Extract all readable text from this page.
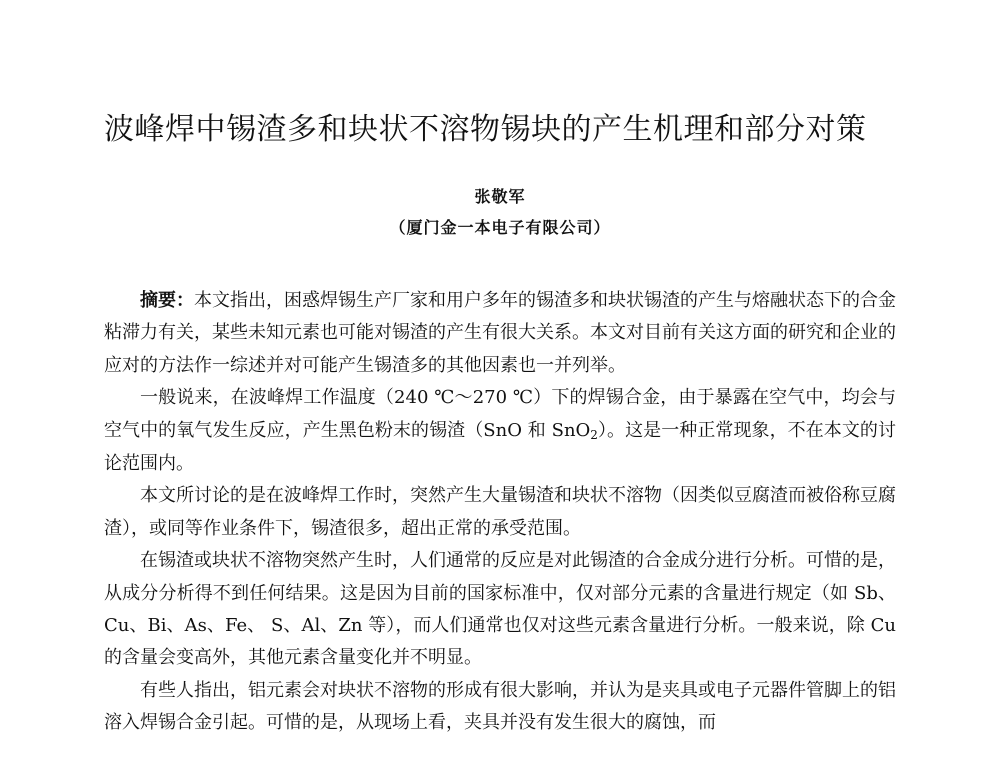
波峰焊中锡渣多和块状不溶物锡块的产生机理和部分对策
张敬军
（厦门金一本电子有限公司）

摘要：本文指出，困惑焊锡生产厂家和用户多年的锡渣多和块状锡渣的产生与熔融状态下的合金粘滞力有关，某些未知元素也可能对锡渣的产生有很大关系。本文对目前有关这方面的研究和企业的应对的方法作一综述并对可能产生锡渣多的其他因素也一并列举。

一般说来，在波峰焊工作温度（240 ℃～270 ℃）下的焊锡合金，由于暴露在空气中，均会与空气中的氧气发生反应，产生黑色粉末的锡渣（SnO 和 SnO2）。这是一种正常现象，不在本文的讨论范围内。

本文所讨论的是在波峰焊工作时，突然产生大量锡渣和块状不溶物（因类似豆腐渣而被俗称豆腐渣），或同等作业条件下，锡渣很多，超出正常的承受范围。

在锡渣或块状不溶物突然产生时，人们通常的反应是对此锡渣的合金成分进行分析。可惜的是，从成分分析得不到任何结果。这是因为目前的国家标准中，仅对部分元素的含量进行规定（如 Sb、Cu、Bi、As、Fe、 S、Al、Zn 等），而人们通常也仅对这些元素含量进行分析。一般来说，除 Cu 的含量会变高外，其他元素含量变化并不明显。

有些人指出，铝元素会对块状不溶物的形成有很大影响，并认为是夹具或电子元器件管脚上的铝溶入焊锡合金引起。可惜的是，从现场上看，夹具并没有发生很大的腐蚀，而
